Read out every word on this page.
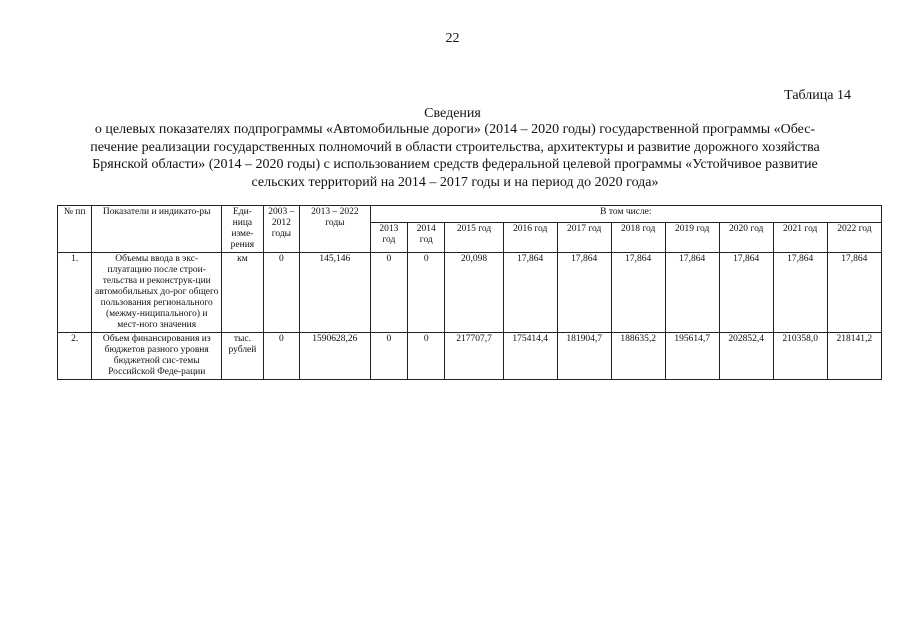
22
Таблица 14
Сведения
о целевых показателях подпрограммы «Автомобильные дороги» (2014 – 2020 годы) государственной программы «Обес-
печение реализации государственных полномочий в области строительства, архитектуры и развитие дорожного хозяйства
Брянской области» (2014 – 2020 годы) с использованием средств федеральной целевой программы «Устойчивое развитие
сельских территорий на 2014 – 2017 годы и на период до 2020 года»
№ пп	Показатели и индикато-ры	Еди-ница изме-рения	2003 – 2012 годы	2013 – 2022 годы	В том числе:									
					2013 год	2014 год	2015 год	2016 год	2017 год	2018 год	2019 год	2020 год	2021 год	2022 год
1.	Объемы ввода в экс-плуатацию после строи-тельства и реконструк-ции автомобильных до-рог общего пользования регионального (межму-ниципального) и мест-ного значения	км	0	145,146	0	0	20,098	17,864	17,864	17,864	17,864	17,864	17,864	17,864
2.	Объем финансирования из бюджетов разного уровня бюджетной сис-темы Российской Феде-рации	тыс. рублей	0	1590628,26	0	0	217707,7	175414,4	181904,7	188635,2	195614,7	202852,4	210358,0	218141,2
